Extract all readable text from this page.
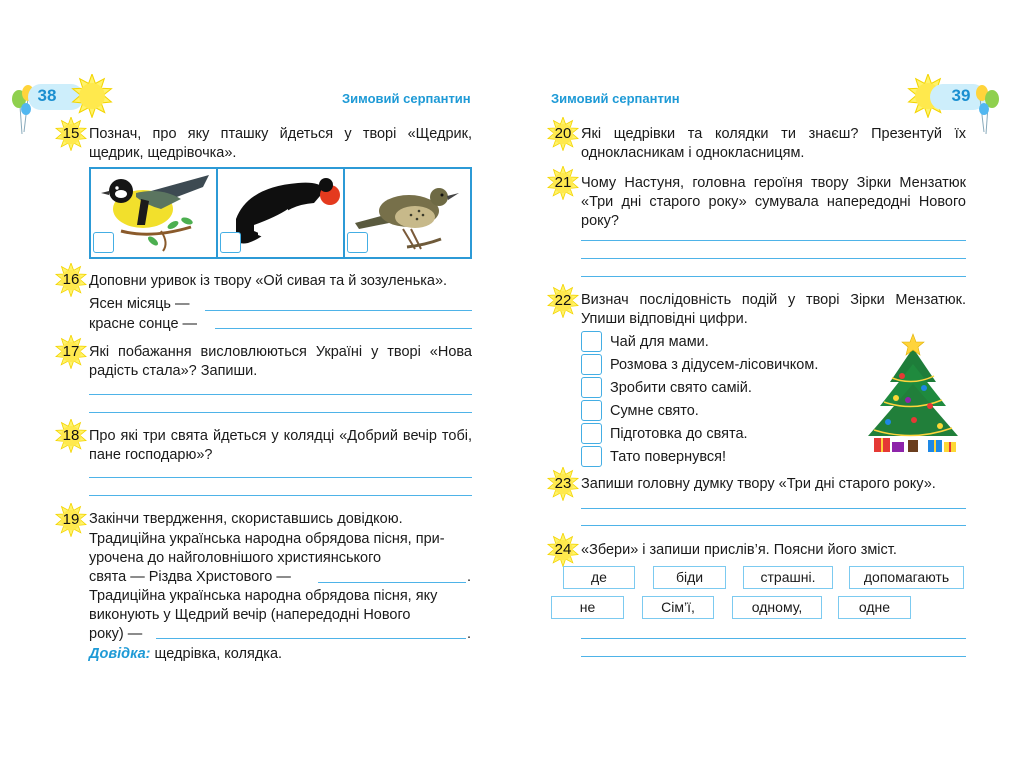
38	Зимовий серпантин
15 Познач, про яку пташку йдеться у творі «Щедрик, щедрик, щедрівочка».
16 Доповни уривок із твору «Ой сивая та й зозуленька».
Ясен місяць —
красне сонце —
17 Які побажання висловлюються Україні у творі «Нова радість стала»? Запиши.
18 Про які три свята йдеться у колядці «Добрий вечір тобі, пане господарю»?
19 Закінчи твердження, скориставшись довідкою.
Традиційна українська народна обрядова пісня, при-
урочена до найголовнішого християнського
свята — Різдва Христового —	.
Традиційна українська народна обрядова пісня, яку
виконують у Щедрий вечір (напередодні Нового
року) —	.
Довідка: щедрівка, колядка.
Зимовий серпантин	39
20 Які щедрівки та колядки ти знаєш? Презентуй їх однокласникам і однокласницям.
21 Чому Настуня, головна героїня твору Зірки Мензатюк «Три дні старого року» сумувала напередодні Нового року?
22 Визнач послідовність подій у творі Зірки Мензатюк. Упиши відповідні цифри.
Чай для мами.
Розмова з дідусем-лісовичком.
Зробити свято самій.
Сумне свято.
Підготовка до свята.
Тато повернувся!
23 Запиши головну думку твору «Три дні старого року».
24 «Збери» і запиши прислів’я. Поясни його зміст.
де	біди	страшні.	допомагають
не	Сім’ї,	одному,	одне
